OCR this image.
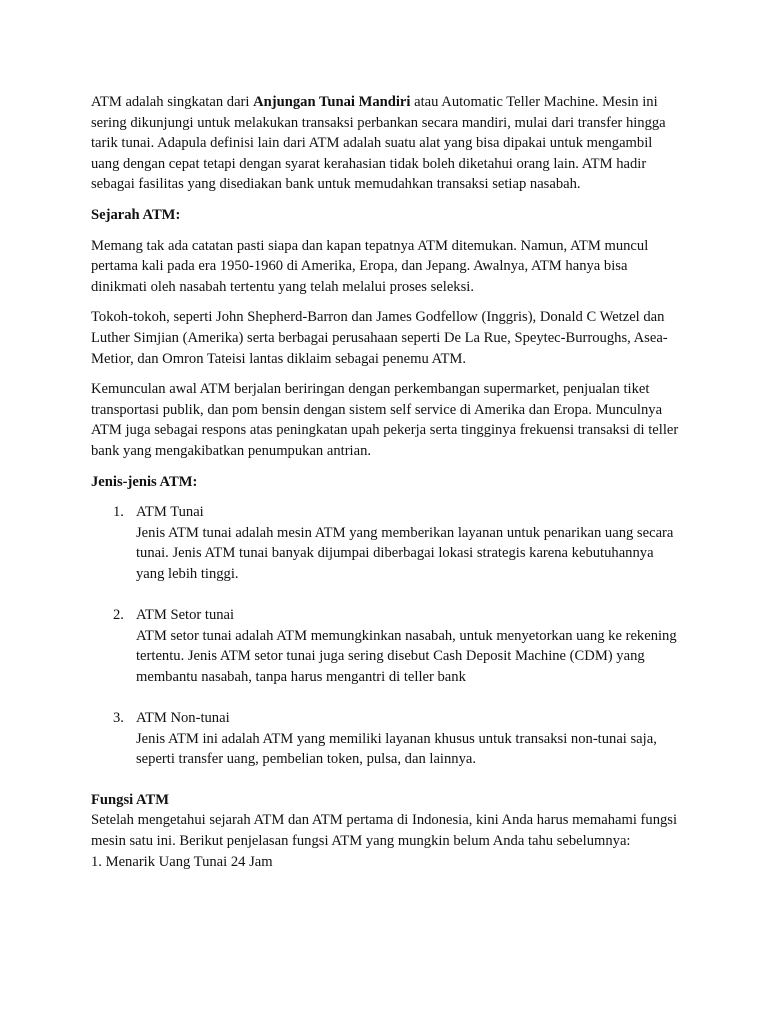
ATM adalah singkatan dari Anjungan Tunai Mandiri atau Automatic Teller Machine. Mesin ini sering dikunjungi untuk melakukan transaksi perbankan secara mandiri, mulai dari transfer hingga tarik tunai. Adapula definisi lain dari ATM adalah suatu alat yang bisa dipakai untuk mengambil uang dengan cepat tetapi dengan syarat kerahasian tidak boleh diketahui orang lain. ATM hadir sebagai fasilitas yang disediakan bank untuk memudahkan transaksi setiap nasabah.

Sejarah ATM:

Memang tak ada catatan pasti siapa dan kapan tepatnya ATM ditemukan. Namun, ATM muncul pertama kali pada era 1950-1960 di Amerika, Eropa, dan Jepang. Awalnya, ATM hanya bisa dinikmati oleh nasabah tertentu yang telah melalui proses seleksi.

Tokoh-tokoh, seperti John Shepherd-Barron dan James Godfellow (Inggris), Donald C Wetzel dan Luther Simjian (Amerika) serta berbagai perusahaan seperti De La Rue, Speytec-Burroughs, Asea-Metior, dan Omron Tateisi lantas diklaim sebagai penemu ATM.

Kemunculan awal ATM berjalan beriringan dengan perkembangan supermarket, penjualan tiket transportasi publik, dan pom bensin dengan sistem self service di Amerika dan Eropa. Munculnya ATM juga sebagai respons atas peningkatan upah pekerja serta tingginya frekuensi transaksi di teller bank yang mengakibatkan penumpukan antrian.

Jenis-jenis ATM:
1. ATM Tunai
Jenis ATM tunai adalah mesin ATM yang memberikan layanan untuk penarikan uang secara tunai. Jenis ATM tunai banyak dijumpai diberbagai lokasi strategis karena kebutuhannya yang lebih tinggi.
2. ATM Setor tunai
ATM setor tunai adalah ATM memungkinkan nasabah, untuk menyetorkan uang ke rekening tertentu. Jenis ATM setor tunai juga sering disebut Cash Deposit Machine (CDM) yang membantu nasabah, tanpa harus mengantri di teller bank
3. ATM Non-tunai
Jenis ATM ini adalah ATM yang memiliki layanan khusus untuk transaksi non-tunai saja, seperti transfer uang, pembelian token, pulsa, dan lainnya.
Fungsi ATM

Setelah mengetahui sejarah ATM dan ATM pertama di Indonesia, kini Anda harus memahami fungsi mesin satu ini. Berikut penjelasan fungsi ATM yang mungkin belum Anda tahu sebelumnya:

1. Menarik Uang Tunai 24 Jam
